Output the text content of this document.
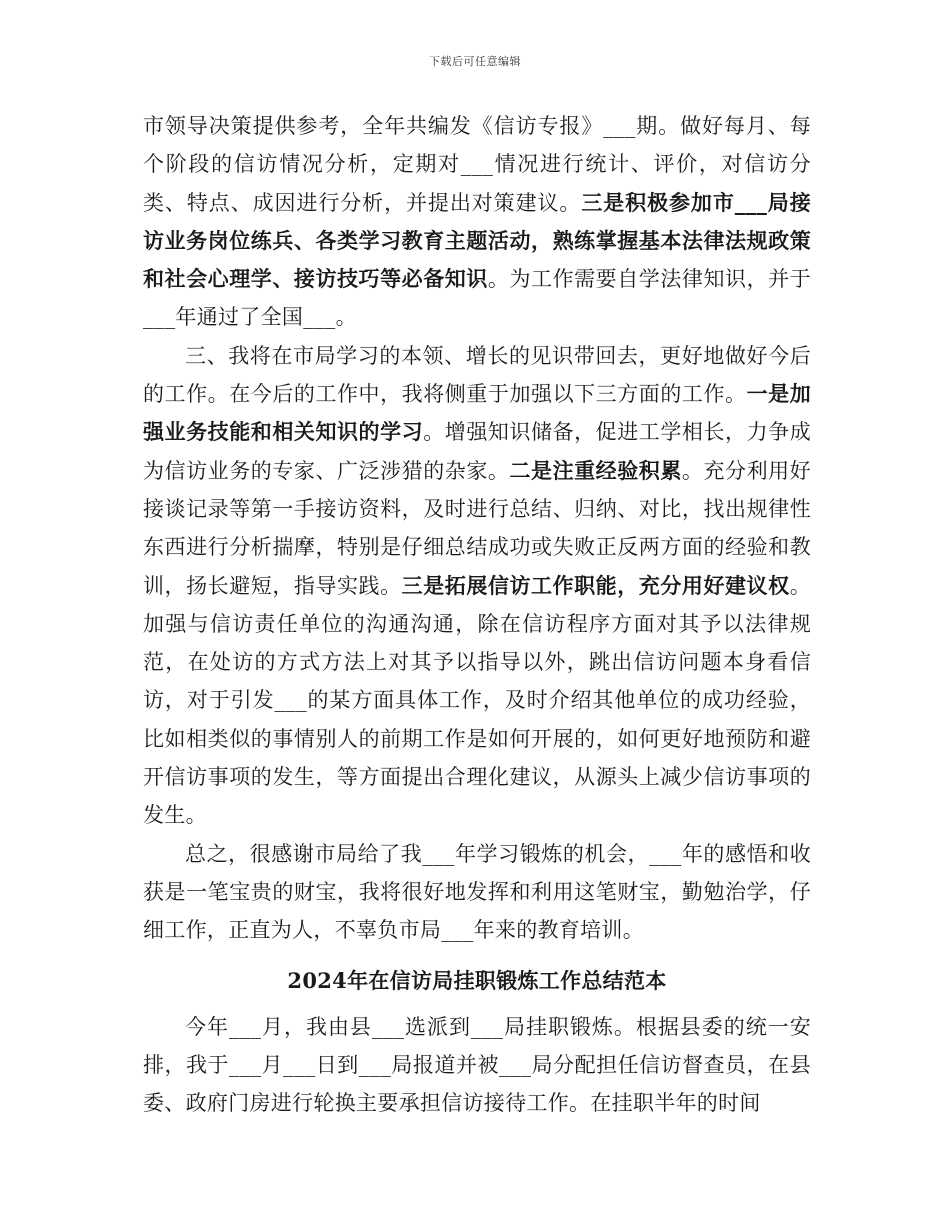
下载后可任意编辑

市领导决策提供参考，全年共编发《信访专报》___期。做好每月、每个阶段的信访情况分析，定期对___情况进行统计、评价，对信访分类、特点、成因进行分析，并提出对策建议。三是积极参加市___局接访业务岗位练兵、各类学习教育主题活动，熟练掌握基本法律法规政策和社会心理学、接访技巧等必备知识。为工作需要自学法律知识，并于___年通过了全国___。

三、我将在市局学习的本领、增长的见识带回去，更好地做好今后的工作。在今后的工作中，我将侧重于加强以下三方面的工作。一是加强业务技能和相关知识的学习。增强知识储备，促进工学相长，力争成为信访业务的专家、广泛涉猎的杂家。二是注重经验积累。充分利用好接谈记录等第一手接访资料，及时进行总结、归纳、对比，找出规律性东西进行分析揣摩，特别是仔细总结成功或失败正反两方面的经验和教训，扬长避短，指导实践。三是拓展信访工作职能，充分用好建议权。加强与信访责任单位的沟通沟通，除在信访程序方面对其予以法律规范，在处访的方式方法上对其予以指导以外，跳出信访问题本身看信访，对于引发___的某方面具体工作，及时介绍其他单位的成功经验，比如相类似的事情别人的前期工作是如何开展的，如何更好地预防和避开信访事项的发生，等方面提出合理化建议，从源头上减少信访事项的发生。

总之，很感谢市局给了我___年学习锻炼的机会，___年的感悟和收获是一笔宝贵的财宝，我将很好地发挥和利用这笔财宝，勤勉治学，仔细工作，正直为人，不辜负市局___年来的教育培训。

2024年在信访局挂职锻炼工作总结范本

今年___月，我由县___选派到___局挂职锻炼。根据县委的统一安排，我于___月___日到___局报道并被___局分配担任信访督查员，在县委、政府门房进行轮换主要承担信访接待工作。在挂职半年的时间
